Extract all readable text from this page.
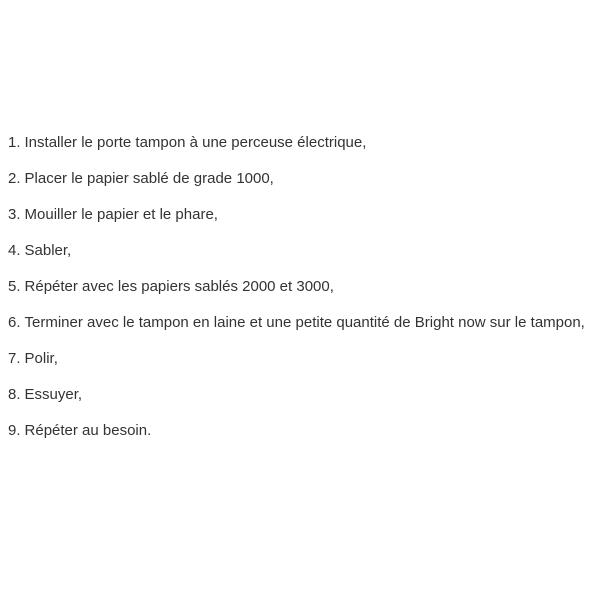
1. Installer le porte tampon à une perceuse électrique,
2. Placer le papier sablé de grade 1000,
3. Mouiller le papier et le phare,
4. Sabler,
5. Répéter avec les papiers sablés 2000 et 3000,
6. Terminer avec le tampon en laine et une petite quantité de Bright now sur le tampon,
7. Polir,
8. Essuyer,
9. Répéter au besoin.
